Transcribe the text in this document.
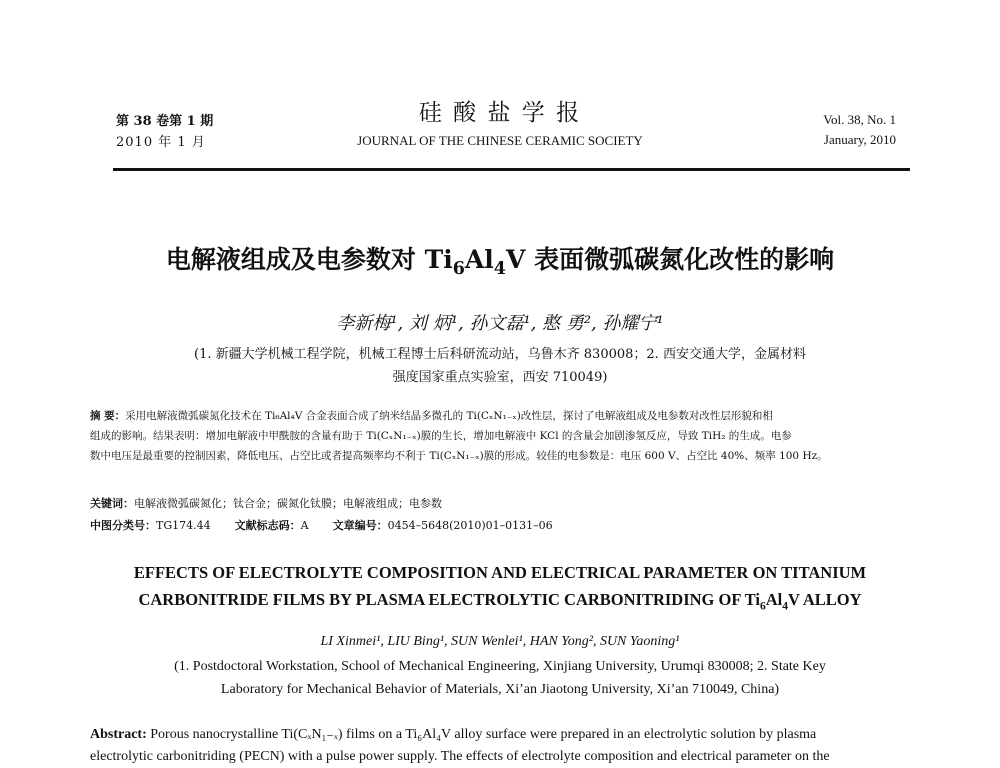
第 38 卷第 1 期
2010 年 1 月
硅 酸 盐 学 报
JOURNAL OF THE CHINESE CERAMIC SOCIETY
Vol. 38, No. 1
January, 2010
电解液组成及电参数对 $Ti_6Al_4V$ 表面微弧碳氮化改性的影响
李新梅¹, 刘 炳¹, 孙文磊¹, 憨 勇², 孙耀宁¹
(1. 新疆大学机械工程学院，机械工程博士后科研流动站，乌鲁木齐 830008；2. 西安交通大学，金属材料
强度国家重点实验室，西安 710049)
摘 要：采用电解液微弧碳氮化技术在 Ti₆Al₄V 合金表面合成了纳米结晶多微孔的 Ti(CₓN₁₋ₓ)改性层，探讨了电解液组成及电参数对改性层形貌和相
组成的影响。结果表明：增加电解液中甲酰胺的含量有助于 Ti(CₓN₁₋ₓ)膜的生长，增加电解液中 KCl 的含量会加剧渗氢反应，导致 TiH₂ 的生成。电参
数中电压是最重要的控制因素，降低电压、占空比或者提高频率均不利于 Ti(CₓN₁₋ₓ)膜的形成。较佳的电参数是：电压 600 V、占空比 40%、频率 100 Hz。
关键词：电解液微弧碳氮化；钛合金；碳氮化钛膜；电解液组成；电参数
中图分类号：TG174.44 文献标志码：A 文章编号：0454–5648(2010)01–0131–06
EFFECTS OF ELECTROLYTE COMPOSITION AND ELECTRICAL PARAMETER ON TITANIUM
CARBONITRIDE FILMS BY PLASMA ELECTROLYTIC CARBONITRIDING OF $Ti_6Al_4V$ ALLOY
LI Xinmei¹, LIU Bing¹, SUN Wenlei¹, HAN Yong², SUN Yaoning¹
(1. Postdoctoral Workstation, School of Mechanical Engineering, Xinjiang University, Urumqi 830008; 2. State Key
Laboratory for Mechanical Behavior of Materials, Xi’an Jiaotong University, Xi’an 710049, China)
Abstract: Porous nanocrystalline Ti(CₓN₁₋ₓ) films on a Ti₆Al₄V alloy surface were prepared in an electrolytic solution by plasma
electrolytic carbonitriding (PECN) with a pulse power supply. The effects of electrolyte composition and electrical parameter on the
